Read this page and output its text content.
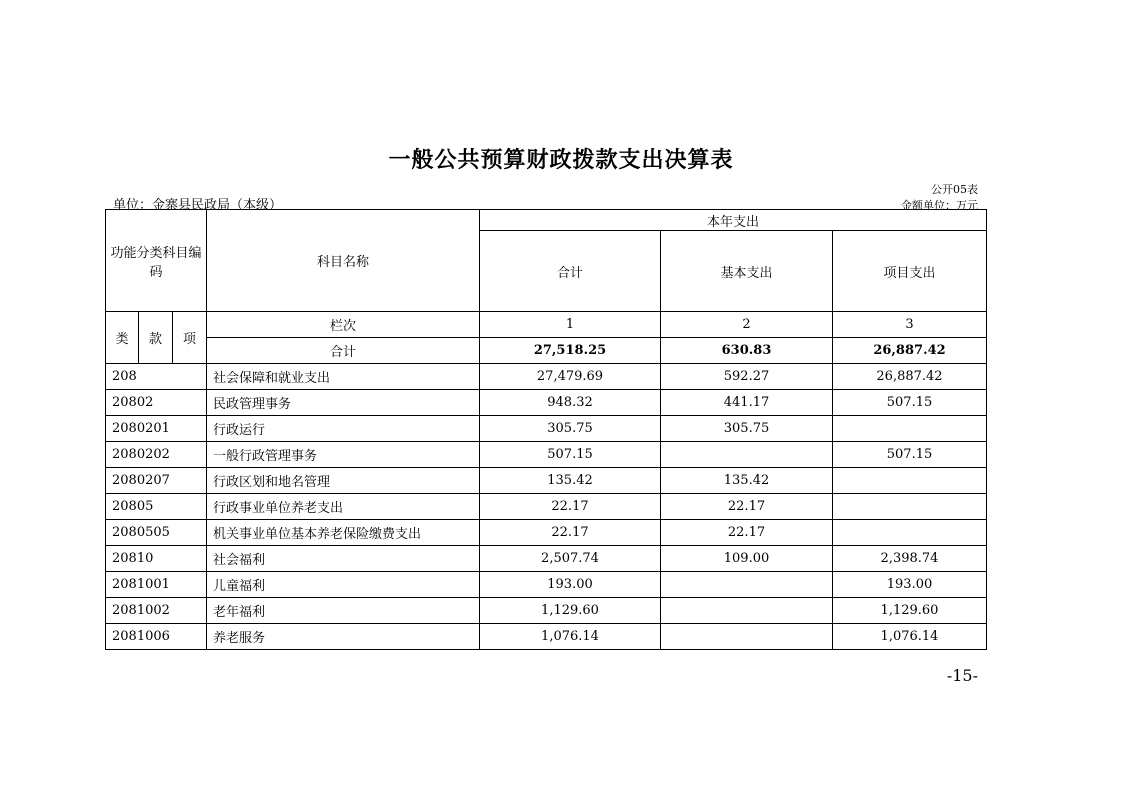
一般公共预算财政拨款支出决算表
公开05表
单位：金寨县民政局（本级）	金额单位：万元
功能分类科目编码			科目名称	本年支出		
				合计	基本支出	项目支出
类	款	项	栏次	1	2	3
			合计	27,518.25	630.83	26,887.42
208			社会保障和就业支出	27,479.69	592.27	26,887.42
20802			民政管理事务	948.32	441.17	507.15
2080201			行政运行	305.75	305.75	
2080202			一般行政管理事务	507.15		507.15
2080207			行政区划和地名管理	135.42	135.42	
20805			行政事业单位养老支出	22.17	22.17	
2080505			机关事业单位基本养老保险缴费支出	22.17	22.17	
20810			社会福利	2,507.74	109.00	2,398.74
2081001			儿童福利	193.00		193.00
2081002			老年福利	1,129.60		1,129.60
2081006			养老服务	1,076.14		1,076.14
-15-
